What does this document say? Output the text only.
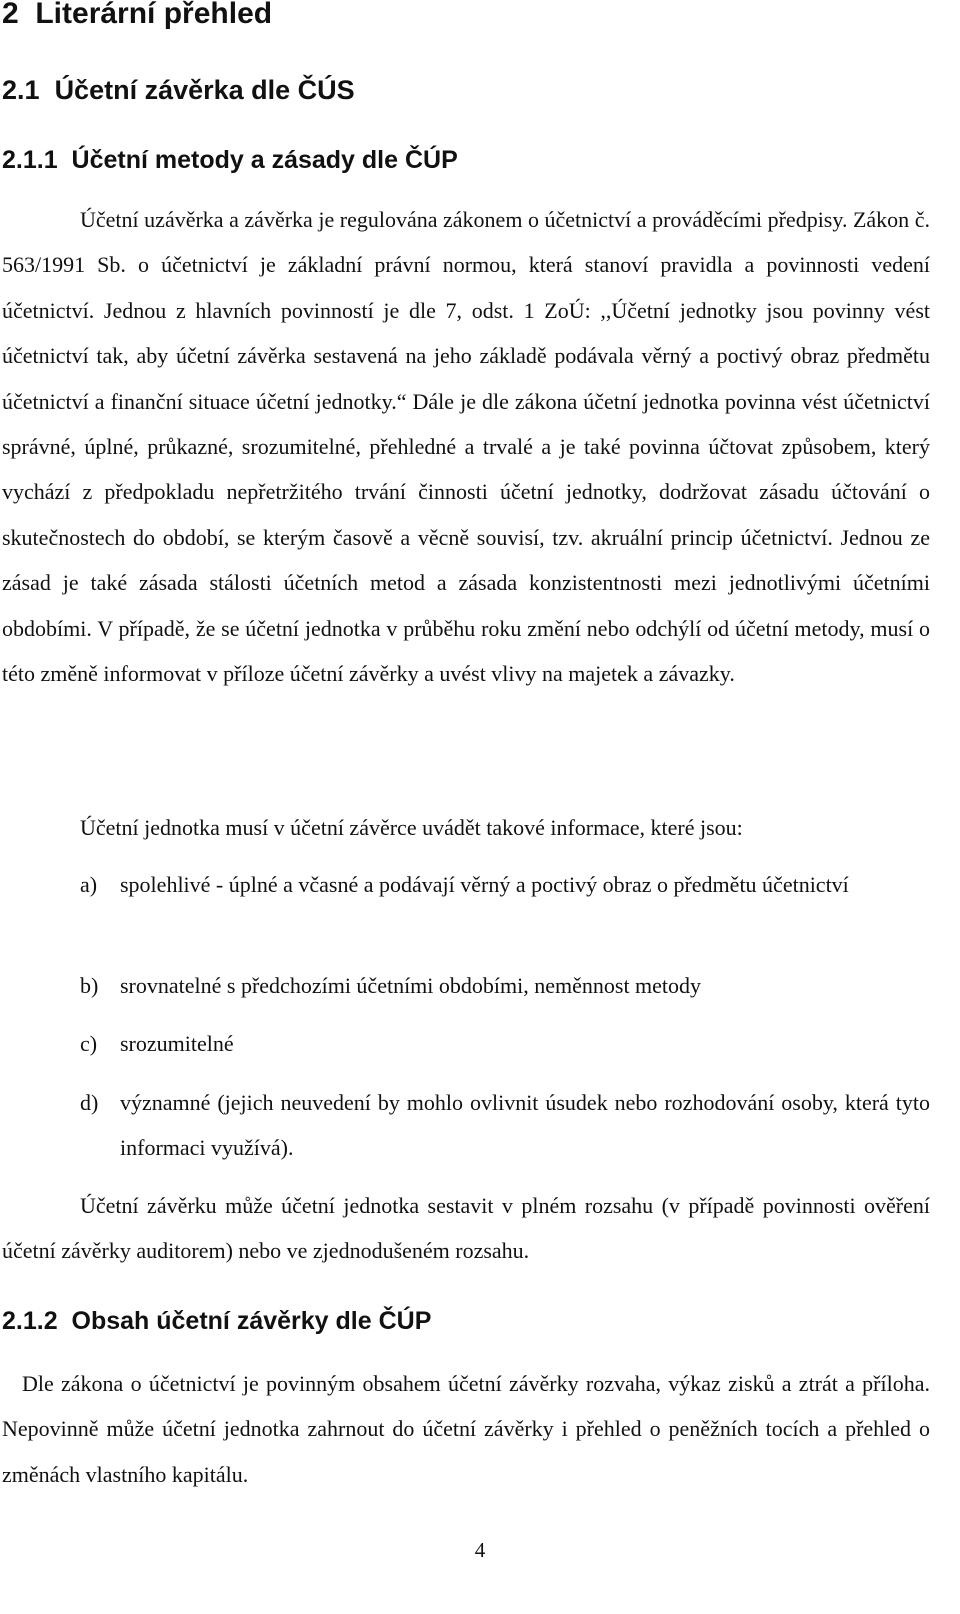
2 Literární přehled
2.1 Účetní závěrka dle ČÚS
2.1.1 Účetní metody a zásady dle ČÚP

Účetní uzávěrka a závěrka je regulována zákonem o účetnictví a prováděcími předpisy. Zákon č. 563/1991 Sb. o účetnictví je základní právní normou, která stanoví pravidla a povinnosti vedení účetnictví. Jednou z hlavních povinností je dle 7, odst. 1 ZoÚ: ,,Účetní jednotky jsou povinny vést účetnictví tak, aby účetní závěrka sestavená na jeho základě podávala věrný a poctivý obraz předmětu účetnictví a finanční situace účetní jednotky.“ Dále je dle zákona účetní jednotka povinna vést účetnictví správné, úplné, průkazné, srozumitelné, přehledné a trvalé a je také povinna účtovat způsobem, který vychází z předpokladu nepřetržitého trvání činnosti účetní jednotky, dodržovat zásadu účtování o skutečnostech do období, se kterým časově a věcně souvisí, tzv. akruální princip účetnictví. Jednou ze zásad je také zásada stálosti účetních metod a zásada konzistentnosti mezi jednotlivými účetními obdobími. V případě, že se účetní jednotka v průběhu roku změní nebo odchýlí od účetní metody, musí o této změně informovat v příloze účetní závěrky a uvést vlivy na majetek a závazky.

Účetní jednotka musí v účetní závěrce uvádět takové informace, které jsou:

a)	spolehlivé - úplné a včasné a podávají věrný a poctivý obraz o předmětu účetnictví
b) srovnatelné s předchozími účetními obdobími, neměnnost metody
c)	srozumitelné
d) významné (jejich neuvedení by mohlo ovlivnit úsudek nebo rozhodování osoby, která tyto informaci využívá).

Účetní závěrku může účetní jednotka sestavit v plném rozsahu (v případě povinnosti ověření účetní závěrky auditorem) nebo ve zjednodušeném rozsahu.

2.1.2 Obsah účetní závěrky dle ČÚP

Dle zákona o účetnictví je povinným obsahem účetní závěrky rozvaha, výkaz zisků a ztrát a příloha. Nepovinně může účetní jednotka zahrnout do účetní závěrky i přehled o peněžních tocích a přehled o změnách vlastního kapitálu.

4
